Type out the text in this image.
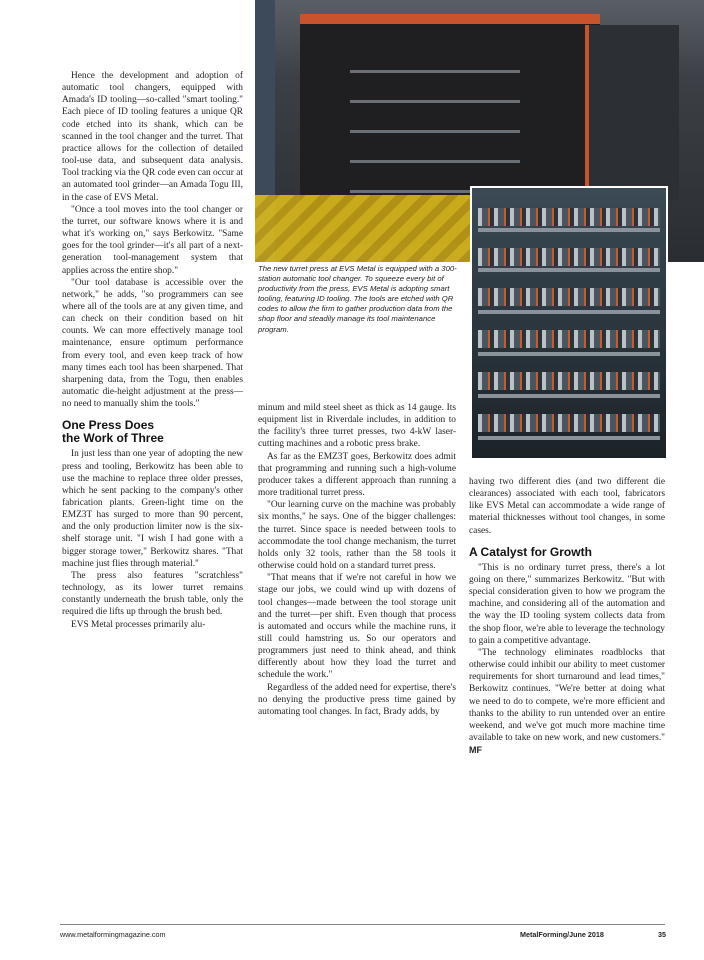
The new turret press at EVS Metal is equipped with a 300-station automatic tool changer. To squeeze every bit of productivity from the press, EVS Metal is adopting smart tooling, featuring ID tooling. The tools are etched with QR codes to allow the firm to gather production data from the shop floor and steadily manage its tool maintenance program.

Hence the development and adoption of automatic tool changers, equipped with Amada's ID tooling—so-called "smart tooling." Each piece of ID tooling features a unique QR code etched into its shank, which can be scanned in the tool changer and the turret. That practice allows for the collection of detailed tool-use data, and subsequent data analysis. Tool tracking via the QR code even can occur at an automated tool grinder—an Amada Togu III, in the case of EVS Metal.

"Once a tool moves into the tool changer or the turret, our software knows where it is and what it's working on," says Berkowitz. "Same goes for the tool grinder—it's all part of a next-generation tool-management system that applies across the entire shop."

"Our tool database is accessible over the network," he adds, "so programmers can see where all of the tools are at any given time, and can check on their condition based on hit counts. We can more effectively manage tool maintenance, ensure optimum performance from every tool, and even keep track of how many times each tool has been sharpened. That sharpening data, from the Togu, then enables automatic die-height adjustment at the press—no need to manually shim the tools."

One Press Does
the Work of Three

In just less than one year of adopting the new press and tooling, Berkowitz has been able to use the machine to replace three older presses, which he sent packing to the company's other fabrication plants. Green-light time on the EMZ3T has surged to more than 90 percent, and the only production limiter now is the six-shelf storage unit. "I wish I had gone with a bigger storage tower," Berkowitz shares. "That machine just flies through material."

The press also features "scratchless" technology, as its lower turret remains constantly underneath the brush table, only the required die lifts up through the brush bed.

EVS Metal processes primarily alu-

minum and mild steel sheet as thick as 14 gauge. Its equipment list in Riverdale includes, in addition to the facility's three turret presses, two 4-kW laser-cutting machines and a robotic press brake.

As far as the EMZ3T goes, Berkowitz does admit that programming and running such a high-volume producer takes a different approach than running a more traditional turret press.

"Our learning curve on the machine was probably six months," he says. One of the bigger challenges: the turret. Since space is needed between tools to accommodate the tool change mechanism, the turret holds only 32 tools, rather than the 58 tools it otherwise could hold on a standard turret press.

"That means that if we're not careful in how we stage our jobs, we could wind up with dozens of tool changes—made between the tool storage unit and the turret—per shift. Even though that process is automated and occurs while the machine runs, it still could hamstring us. So our operators and programmers just need to think ahead, and think differently about how they load the turret and schedule the work."

Regardless of the added need for expertise, there's no denying the productive press time gained by automating tool changes. In fact, Brady adds, by

having two different dies (and two different die clearances) associated with each tool, fabricators like EVS Metal can accommodate a wide range of material thicknesses without tool changes, in some cases.

A Catalyst for Growth

"This is no ordinary turret press, there's a lot going on there," summarizes Berkowitz. "But with special consideration given to how we program the machine, and considering all of the automation and the way the ID tooling system collects data from the shop floor, we're able to leverage the technology to gain a competitive advantage.

"The technology eliminates roadblocks that otherwise could inhibit our ability to meet customer requirements for short turnaround and lead times," Berkowitz continues. "We're better at doing what we need to do to compete, we're more efficient and thanks to the ability to run untended over an entire weekend, and we've got much more machine time available to take on new work, and new customers." MF

www.metalformingmagazine.com	MetalForming/June 2018	35
